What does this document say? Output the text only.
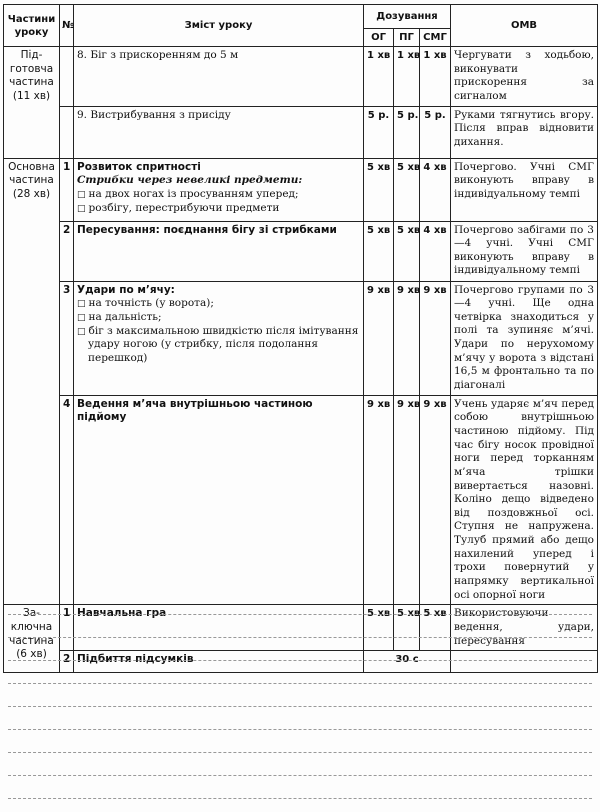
Частини уроку	№	Зміст уроку	Дозування			ОМВ
			ОГ	ПГ	СМГ	
Під-
готовча
частина
(11 хв)		8. Біг з прискоренням до 5 м	1 хв	1 хв	1 хв	Чергувати з ходьбою, виконувати прискорення за сигналом
		9. Вистрибування з присіду	5 р.	5 р.	5 р.	Руками тягнутись вгору. Після вправ відновити дихання.
Основна
частина
(28 хв)	1	Розвиток спритності
Стрибки через невеликі предмети:
□ на двох ногах із просуванням уперед;
□ розбігу, перестрибуючи предмети	5 хв	5 хв	4 хв	Почергово. Учні СМГ виконують вправу в індивідуальному темпі
	2	Пересування: поєднання бігу зі стрибками	5 хв	5 хв	4 хв	Почергово забігами по 3—4 учні. Учні СМГ виконують вправу в індивідуальному темпі
	3	Удари по м’ячу:
□ на точність (у ворота);
□ на дальність;
□ біг з максимальною швидкістю після імітування удару ногою (у стрибку, після подолання перешкод)	9 хв	9 хв	9 хв	Почергово групами по 3—4 учні. Ще одна четвірка знаходиться у полі та зупиняє м’ячі. Удари по нерухомому м’ячу у ворота з відстані 16,5 м фронтально та по діагоналі
	4	Ведення м’яча внутрішньою частиною підйому	9 хв	9 хв	9 хв	Учень ударяє м’яч перед собою внутрішньою частиною підйому. Під час бігу носок провідної ноги перед торканням м’яча трішки вивертається назовні. Коліно дещо відведено від поздовжньої осі. Ступня не напружена. Тулуб прямий або дещо нахилений уперед і трохи повернутий у напрямку вертикальної осі опорної ноги
За-
ключна
частина
(6 хв)	1	Навчальна гра	5 хв	5 хв	5 хв	Використовуючи ведення, удари, пересування
	2	Підбиття підсумків	30 с			
